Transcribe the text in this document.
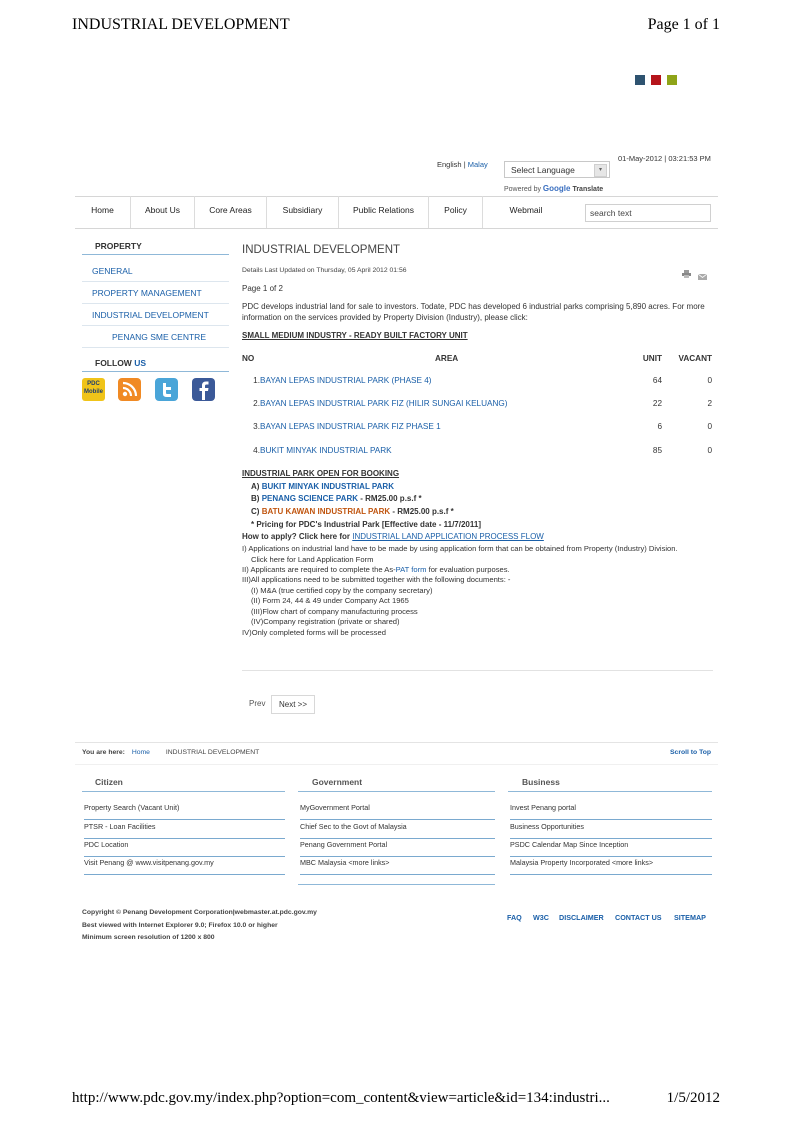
INDUSTRIAL DEVELOPMENT	Page 1 of 1
English | Malay
Select Language	▾
Powered by Google Translate
01-May-2012 | 03:21:53 PM
Home	About Us	Core Areas	Subsidiary	Public Relations	Policy	Webmail
search text
PROPERTY
GENERAL
PROPERTY MANAGEMENT
INDUSTRIAL DEVELOPMENT
PENANG SME CENTRE
FOLLOW US
PDC
Mobile
INDUSTRIAL DEVELOPMENT
Details Last Updated on Thursday, 05 April 2012 01:56
Page 1 of 2
PDC develops industrial land for sale to investors. Todate, PDC has developed 6 industrial parks comprising 5,890 acres. For more
information on the services provided by Property Division (Industry), please click:
SMALL MEDIUM INDUSTRY - READY BUILT FACTORY UNIT
NO	AREA	UNIT	VACANT
1. BAYAN LEPAS INDUSTRIAL PARK (PHASE 4)	64	0
2. BAYAN LEPAS INDUSTRIAL PARK FIZ (HILIR SUNGAI KELUANG)	22	2
3. BAYAN LEPAS INDUSTRIAL PARK FIZ PHASE 1	6	0
4. BUKIT MINYAK INDUSTRIAL PARK	85	0
INDUSTRIAL PARK OPEN FOR BOOKING
A) BUKIT MINYAK INDUSTRIAL PARK
B) PENANG SCIENCE PARK - RM25.00 p.s.f *
C) BATU KAWAN INDUSTRIAL PARK - RM25.00 p.s.f *
* Pricing for PDC's Industrial Park [Effective date - 11/7/2011]
How to apply? Click here for INDUSTRIAL LAND APPLICATION PROCESS FLOW
I) Applications on industrial land have to be made by using application form that can be obtained from Property (Industry) Division.
Click here for Land Application Form
II) Applicants are required to complete the As-PAT form for evaluation purposes.
III)All applications need to be submitted together with the following documents: -
(I) M&A (true certified copy by the company secretary)
(II) Form 24, 44 & 49 under Company Act 1965
(III)Flow chart of company manufacturing process
(IV)Company registration (private or shared)
IV)Only completed forms will be processed
Prev	Next >>
You are here: Home INDUSTRIAL DEVELOPMENT	Scroll to Top
Citizen
Property Search (Vacant Unit)
PTSR - Loan Facilities
PDC Location
Visit Penang @ www.visitpenang.gov.my
Government
MyGovernment Portal
Chief Sec to the Govt of Malaysia
Penang Government Portal
MBC Malaysia <more links>
Business
Invest Penang portal
Business Opportunities
PSDC Calendar Map Since Inception
Malaysia Property Incorporated <more links>
Copyright © Penang Development Corporation|webmaster.at.pdc.gov.my
Best viewed with Internet Explorer 9.0; Firefox 10.0 or higher
Minimum screen resolution of 1200 x 800
FAQ W3C DISCLAIMER CONTACT US SITEMAP
http://www.pdc.gov.my/index.php?option=com_content&view=article&id=134:industri...	1/5/2012
